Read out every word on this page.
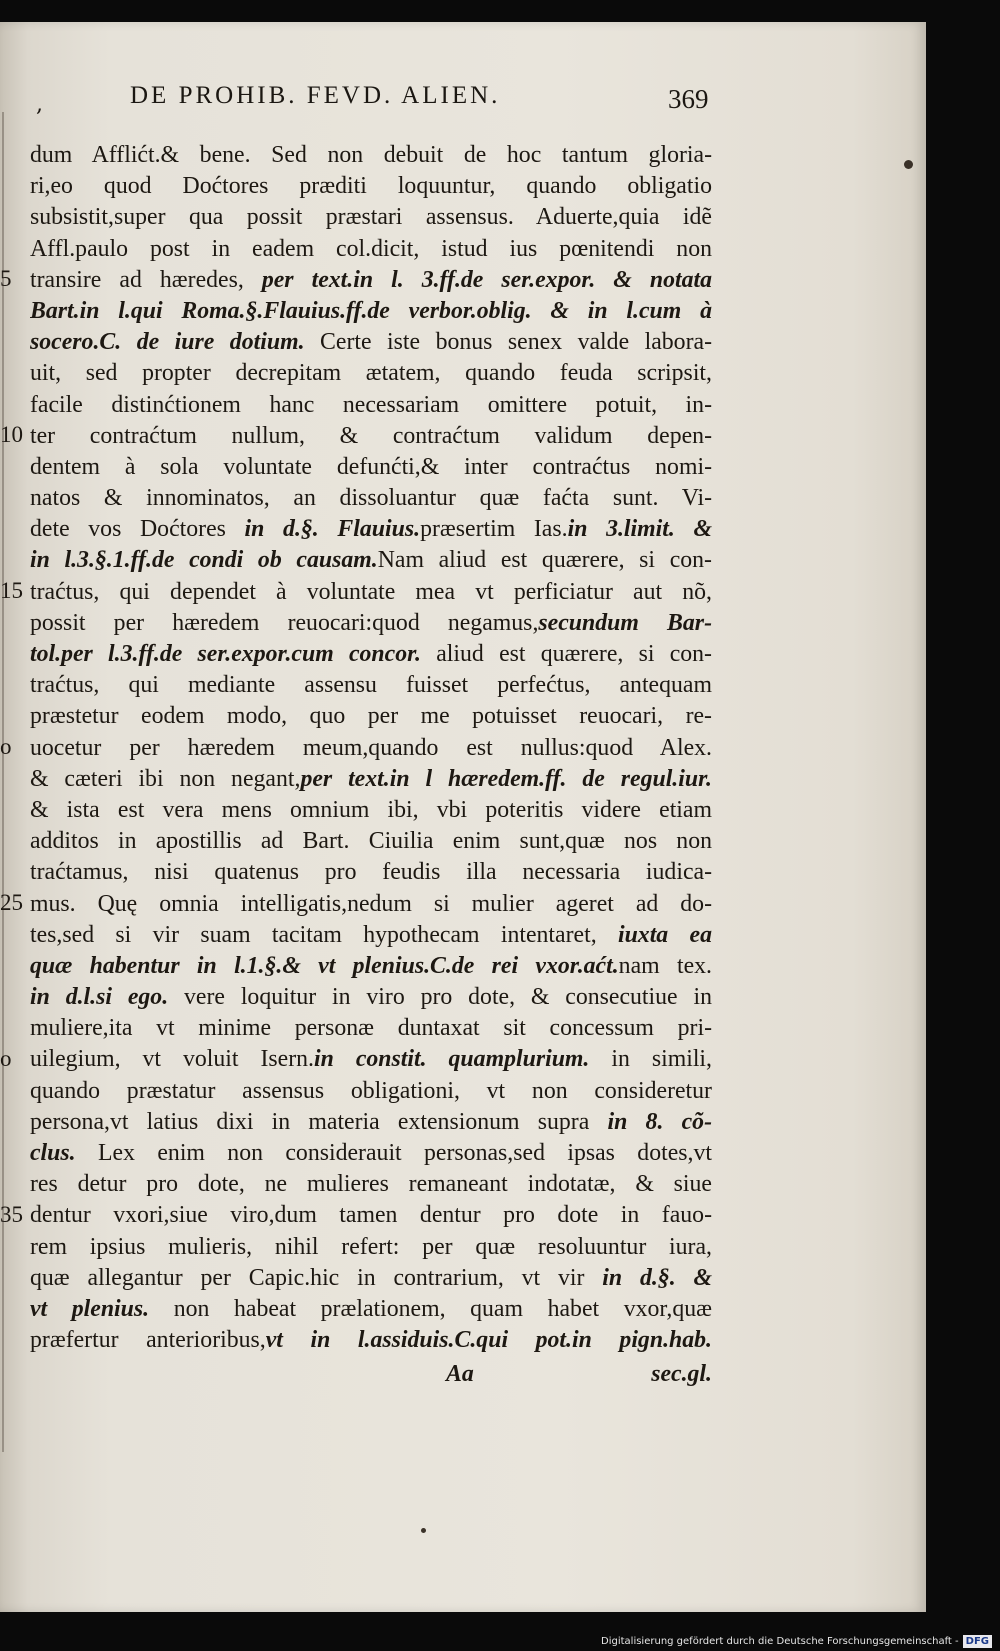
,	DE PROHIB. FEVD. ALIEN.	369
5
10
15
o
25
o
35
dum Afflićt.& bene. Sed non debuit de hoc tantum gloria-
ri,eo quod Doćtores præditi loquuntur, quando obligatio
subsistit,super qua possit præstari assensus. Aduerte,quia idẽ
Affl.paulo post in eadem col.dicit, istud ius pœnitendi non
transire ad hæredes, per text.in l. 3.ff.de ser.expor. & notata
Bart.in l.qui Roma.§.Flauius.ff.de verbor.oblig. & in l.cum à
socero.C. de iure dotium. Certe iste bonus senex valde labora-
uit, sed propter decrepitam ætatem, quando feuda scripsit,
facile distinćtionem hanc necessariam omittere potuit, in-
ter contraćtum nullum, & contraćtum validum depen-
dentem à sola voluntate defunćti,& inter contraćtus nomi-
natos & innominatos, an dissoluantur quæ faćta sunt. Vi-
dete vos Doćtores in d.§. Flauius.præsertim Ias.in 3.limit. &
in l.3.§.1.ff.de condi ob causam.Nam aliud est quærere, si con-
traćtus, qui dependet à voluntate mea vt perficiatur aut nõ,
possit per hæredem reuocari:quod negamus,secundum Bar-
tol.per l.3.ff.de ser.expor.cum concor. aliud est quærere, si con-
traćtus, qui mediante assensu fuisset perfećtus, antequam
præstetur eodem modo, quo per me potuisset reuocari, re-
uocetur per hæredem meum,quando est nullus:quod Alex.
& cæteri ibi non negant,per text.in l hæredem.ff. de regul.iur.
& ista est vera mens omnium ibi, vbi poteritis videre etiam
additos in apostillis ad Bart. Ciuilia enim sunt,quæ nos non
traćtamus, nisi quatenus pro feudis illa necessaria iudica-
mus. Quę omnia intelligatis,nedum si mulier ageret ad do-
tes,sed si vir suam tacitam hypothecam intentaret, iuxta ea
quæ habentur in l.1.§.& vt plenius.C.de rei vxor.aćt.nam tex.
in d.l.si ego. vere loquitur in viro pro dote, & consecutiue in
muliere,ita vt minime personæ duntaxat sit concessum pri-
uilegium, vt voluit Isern.in constit. quamplurium. in simili,
quando præstatur assensus obligationi, vt non consideretur
persona,vt latius dixi in materia extensionum supra in 8. cõ-
clus. Lex enim non considerauit personas,sed ipsas dotes,vt
res detur pro dote, ne mulieres remaneant indotatæ, & siue
dentur vxori,siue viro,dum tamen dentur pro dote in fauo-
rem ipsius mulieris, nihil refert: per quæ resoluuntur iura,
quæ allegantur per Capic.hic in contrarium, vt vir in d.§. &
vt plenius. non habeat prælationem, quam habet vxor,quæ
præfertur anterioribus,vt in l.assiduis.C.qui pot.in pign.hab.
Aa	sec.gl.
Digitalisierung gefördert durch die Deutsche Forschungsgemeinschaft - DFG
